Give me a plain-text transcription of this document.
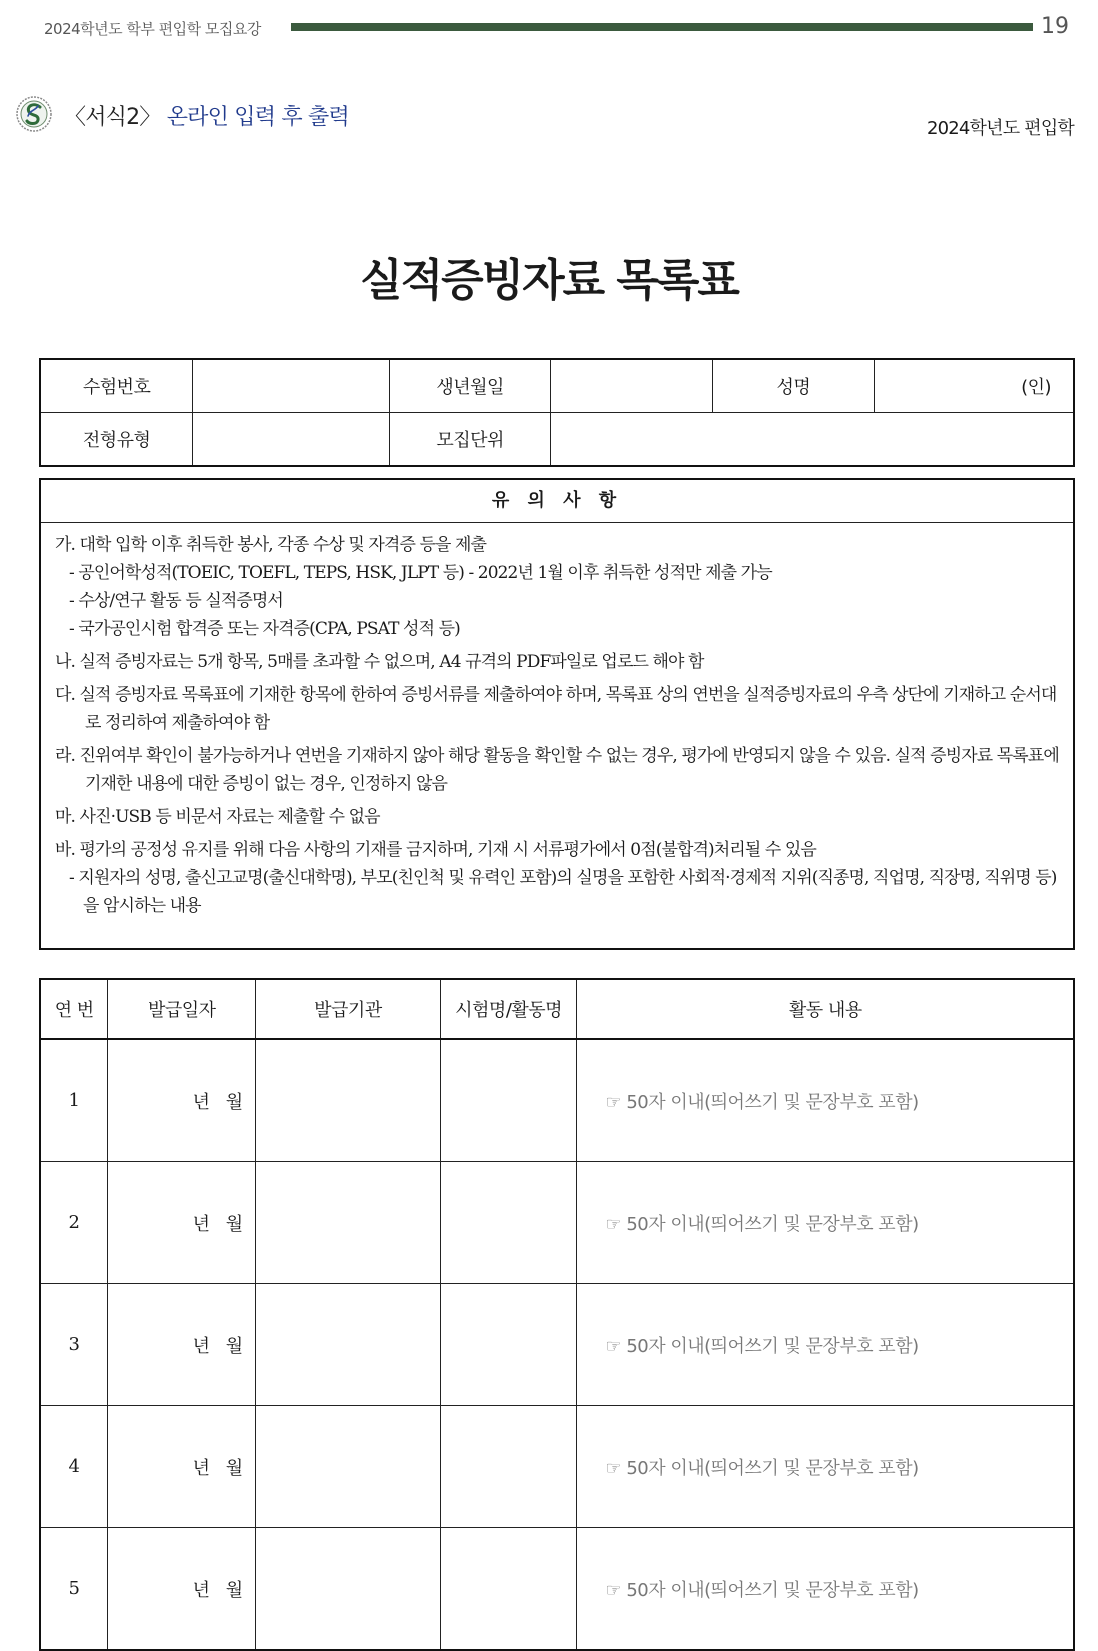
2024학년도 학부 편입학 모집요강	19
〈서식2〉 온라인 입력 후 출력	2024학년도 편입학
실적증빙자료 목록표
수험번호		생년월일		성명	(인)
전형유형		모집단위			
유 의 사 항
가. 대학 입학 이후 취득한 봉사, 각종 수상 및 자격증 등을 제출
- 공인어학성적(TOEIC, TOEFL, TEPS, HSK, JLPT 등) - 2022년 1월 이후 취득한 성적만 제출 가능
- 수상/연구 활동 등 실적증명서
- 국가공인시험 합격증 또는 자격증(CPA, PSAT 성적 등)
나. 실적 증빙자료는 5개 항목, 5매를 초과할 수 없으며, A4 규격의 PDF파일로 업로드 해야 함
다. 실적 증빙자료 목록표에 기재한 항목에 한하여 증빙서류를 제출하여야 하며, 목록표 상의 연번을 실적증빙자료의 우측 상단에 기재하고 순서대로 정리하여 제출하여야 함
라. 진위여부 확인이 불가능하거나 연번을 기재하지 않아 해당 활동을 확인할 수 없는 경우, 평가에 반영되지 않을 수 있음. 실적 증빙자료 목록표에 기재한 내용에 대한 증빙이 없는 경우, 인정하지 않음
마. 사진·USB 등 비문서 자료는 제출할 수 없음
바. 평가의 공정성 유지를 위해 다음 사항의 기재를 금지하며, 기재 시 서류평가에서 0점(불합격)처리될 수 있음
- 지원자의 성명, 출신고교명(출신대학명), 부모(친인척 및 유력인 포함)의 실명을 포함한 사회적·경제적 지위(직종명, 직업명, 직장명, 직위명 등)을 암시하는 내용
연 번	발급일자	발급기관	시험명/활동명	활동 내용
1	년 월			☞ 50자 이내(띄어쓰기 및 문장부호 포함)
2	년 월			☞ 50자 이내(띄어쓰기 및 문장부호 포함)
3	년 월			☞ 50자 이내(띄어쓰기 및 문장부호 포함)
4	년 월			☞ 50자 이내(띄어쓰기 및 문장부호 포함)
5	년 월			☞ 50자 이내(띄어쓰기 및 문장부호 포함)
